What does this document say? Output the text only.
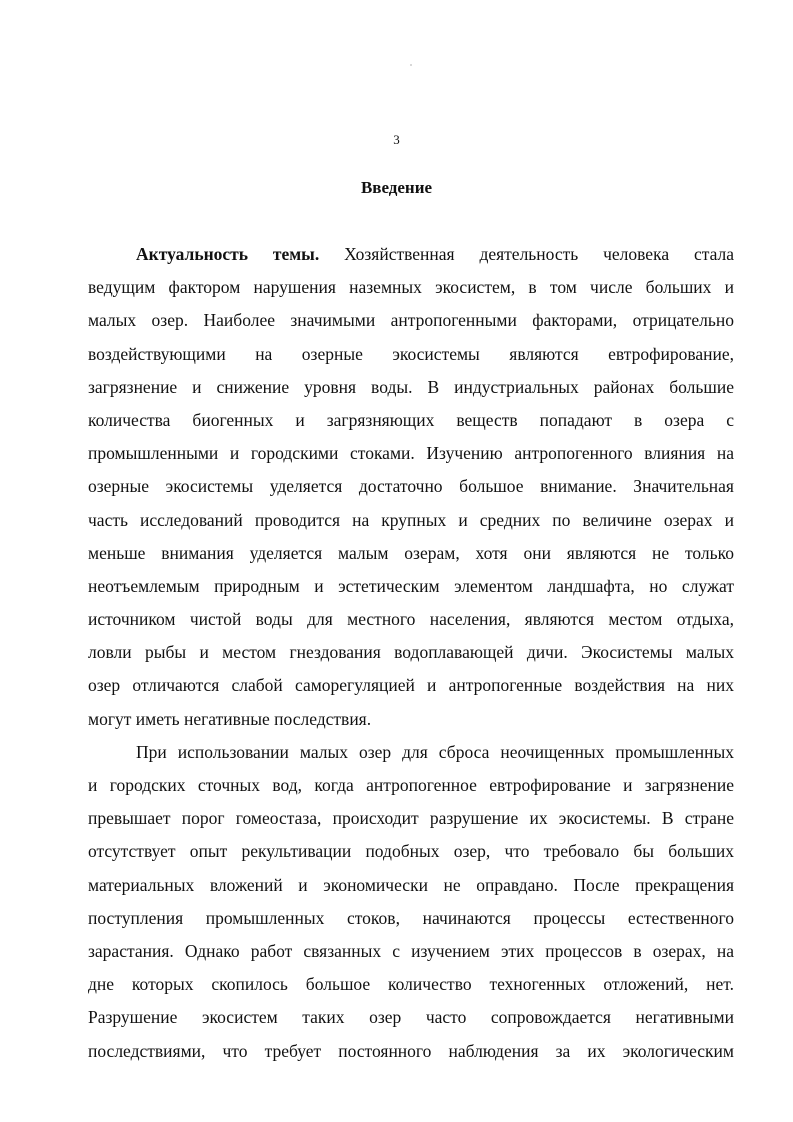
3
Введение
Актуальность темы. Хозяйственная деятельность человека стала
ведущим фактором нарушения наземных экосистем, в том числе больших и
малых озер. Наиболее значимыми антропогенными факторами, отрицательно
воздействующими на озерные экосистемы являются евтрофирование,
загрязнение и снижение уровня воды. В индустриальных районах большие
количества биогенных и загрязняющих веществ попадают в озера с
промышленными и городскими стоками. Изучению антропогенного влияния на
озерные экосистемы уделяется достаточно большое внимание. Значительная
часть исследований проводится на крупных и средних по величине озерах и
меньше внимания уделяется малым озерам, хотя они являются не только
неотъемлемым природным и эстетическим элементом ландшафта, но служат
источником чистой воды для местного населения, являются местом отдыха,
ловли рыбы и местом гнездования водоплавающей дичи. Экосистемы малых
озер отличаются слабой саморегуляцией и антропогенные воздействия на них
могут иметь негативные последствия.
При использовании малых озер для сброса неочищенных промышленных
и городских сточных вод, когда антропогенное евтрофирование и загрязнение
превышает порог гомеостаза, происходит разрушение их экосистемы. В стране
отсутствует опыт рекультивации подобных озер, что требовало бы больших
материальных вложений и экономически не оправдано. После прекращения
поступления промышленных стоков, начинаются процессы естественного
зарастания. Однако работ связанных с изучением этих процессов в озерах, на
дне которых скопилось большое количество техногенных отложений, нет.
Разрушение экосистем таких озер часто сопровождается негативными
последствиями, что требует постоянного наблюдения за их экологическим
